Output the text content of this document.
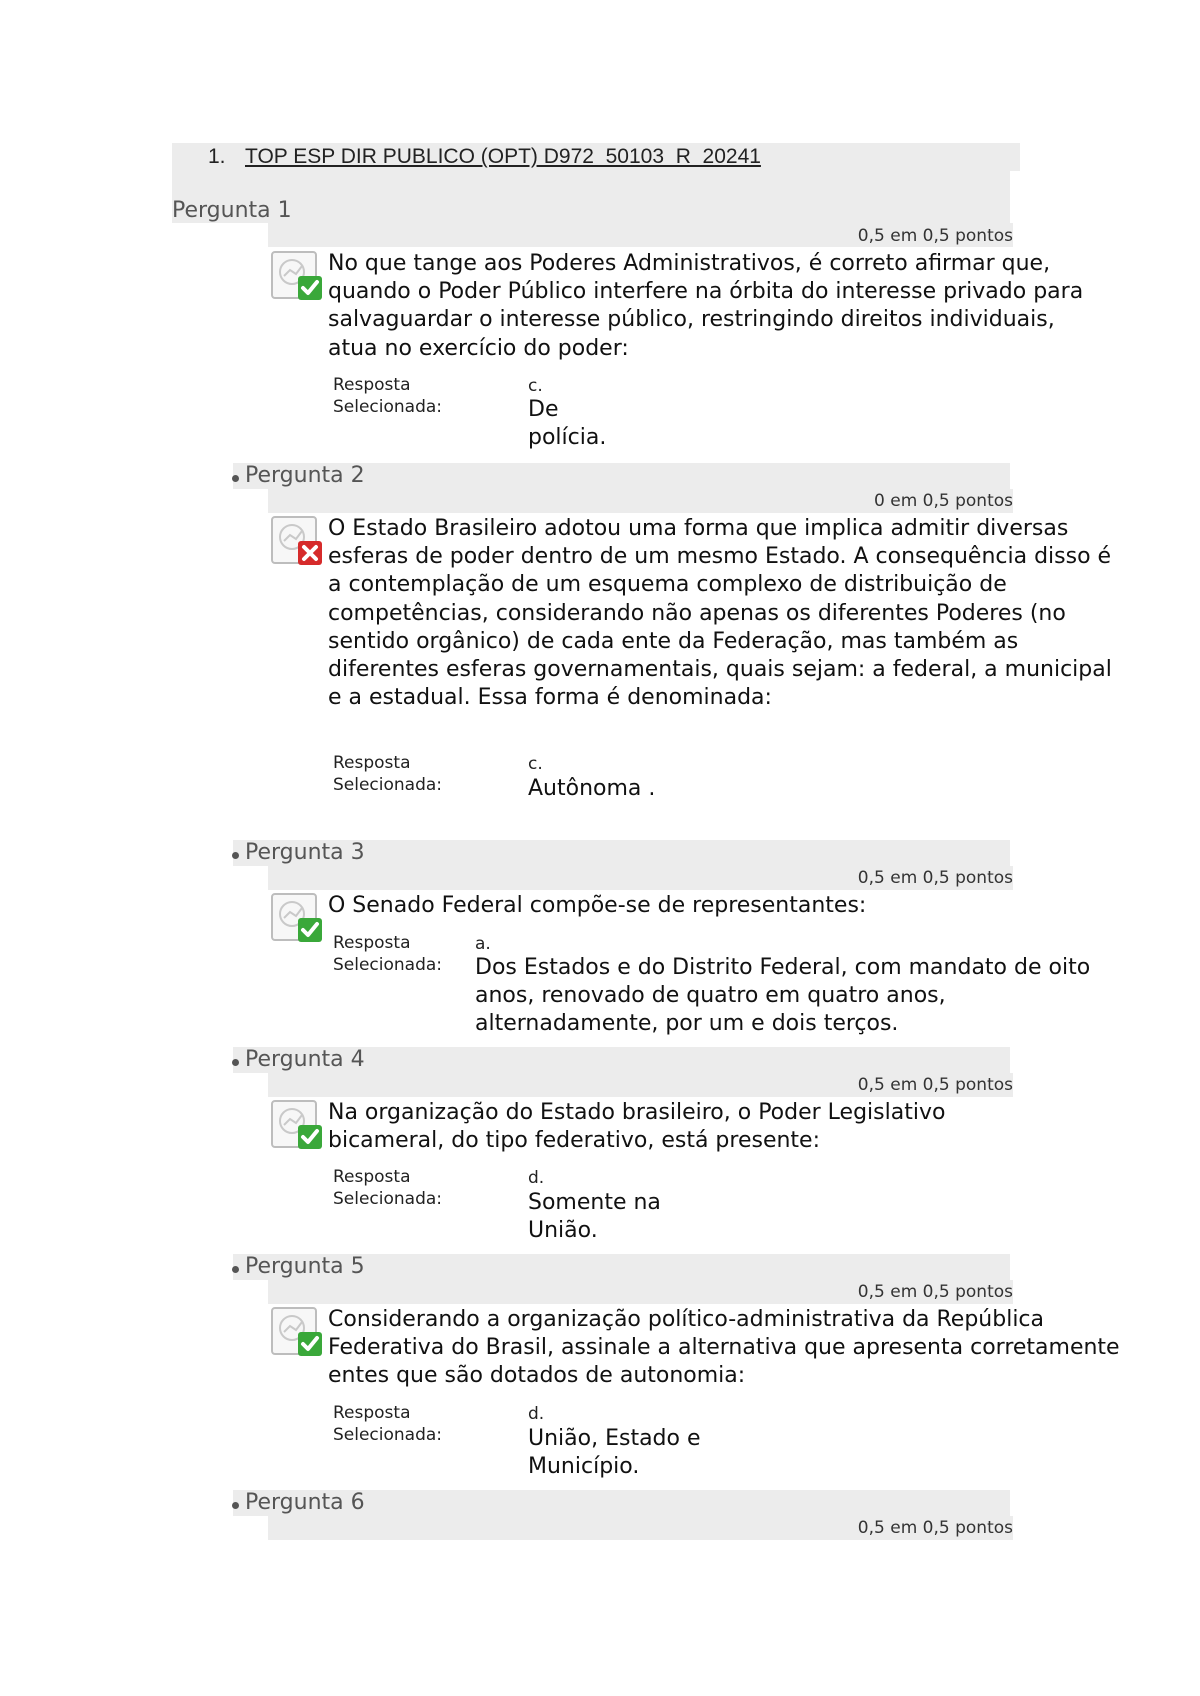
1. TOP ESP DIR PUBLICO (OPT) D972_50103_R_20241
Pergunta 1
0,5 em 0,5 pontos
No que tange aos Poderes Administrativos, é correto afirmar que, quando o Poder Público interfere na órbita do interesse privado para salvaguardar o interesse público, restringindo direitos individuais, atua no exercício do poder:
Resposta
Selecionada:
c.
De polícia.
Pergunta 2
0 em 0,5 pontos
O Estado Brasileiro adotou uma forma que implica admitir diversas esferas de poder dentro de um mesmo Estado. A consequência disso é a contemplação de um esquema complexo de distribuição de competências, considerando não apenas os diferentes Poderes (no sentido orgânico) de cada ente da Federação, mas também as diferentes esferas governamentais, quais sejam: a federal, a municipal e a estadual. Essa forma é denominada:
Resposta
Selecionada:
c.
Autônoma .
Pergunta 3
0,5 em 0,5 pontos
O Senado Federal compõe-se de representantes:
Resposta
Selecionada:
a.
Dos Estados e do Distrito Federal, com mandato de oito anos, renovado de quatro em quatro anos, alternadamente, por um e dois terços.
Pergunta 4
0,5 em 0,5 pontos
Na organização do Estado brasileiro, o Poder Legislativo bicameral, do tipo federativo, está presente:
Resposta
Selecionada:
d.
Somente na União.
Pergunta 5
0,5 em 0,5 pontos
Considerando a organização político-administrativa da República Federativa do Brasil, assinale a alternativa que apresenta corretamente entes que são dotados de autonomia:
Resposta
Selecionada:
d.
União, Estado e Município.
Pergunta 6
0,5 em 0,5 pontos
